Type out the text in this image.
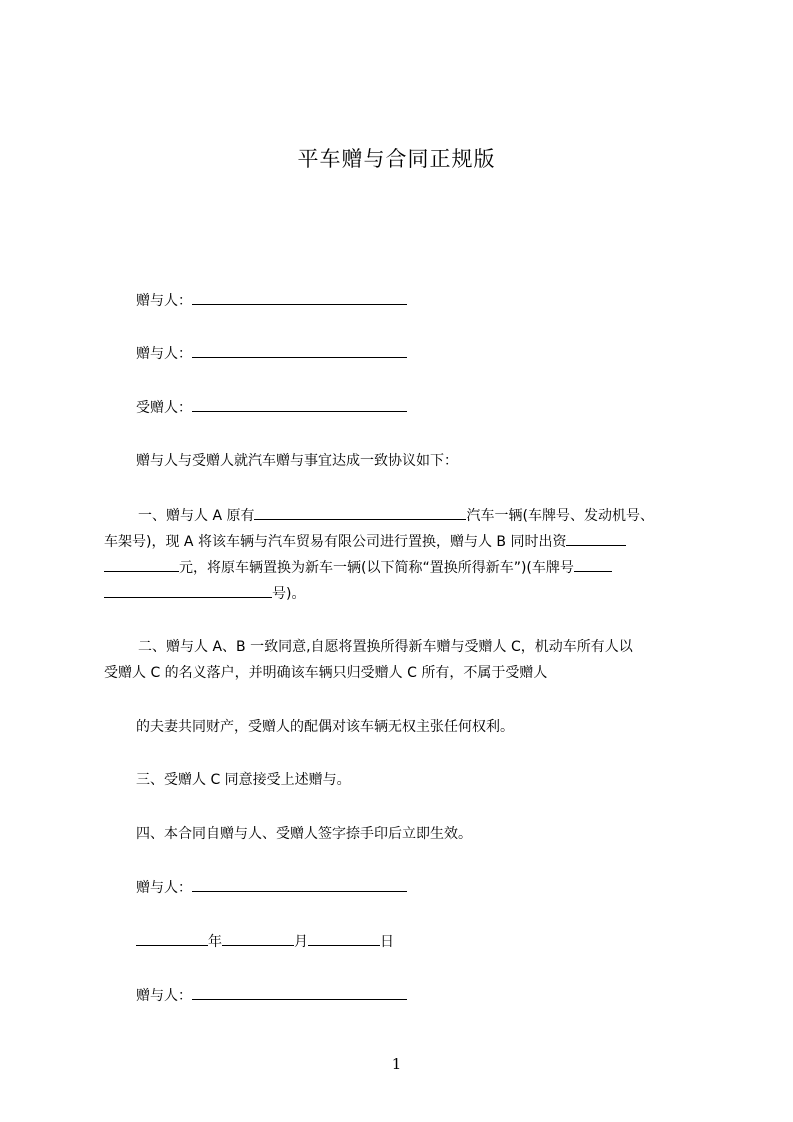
平车赠与合同正规版
赠与人：
赠与人：
受赠人：
赠与人与受赠人就汽车赠与事宜达成一致协议如下：
一、赠与人 A 原有	汽车一辆(车牌号、发动机号、
车架号)，现 A 将该车辆与汽车贸易有限公司进行置换，赠与人 B 同时出资
元，将原车辆置换为新车一辆(以下简称“置换所得新车”)(车牌号
号)。
二、赠与人 A、B 一致同意,自愿将置换所得新车赠与受赠人 C，机动车所有人以
受赠人 C 的名义落户，并明确该车辆只归受赠人 C 所有，不属于受赠人
的夫妻共同财产，受赠人的配偶对该车辆无权主张任何权利。
三、受赠人 C 同意接受上述赠与。
四、本合同自赠与人、受赠人签字捺手印后立即生效。
赠与人：
年	月	日
赠与人：
1
